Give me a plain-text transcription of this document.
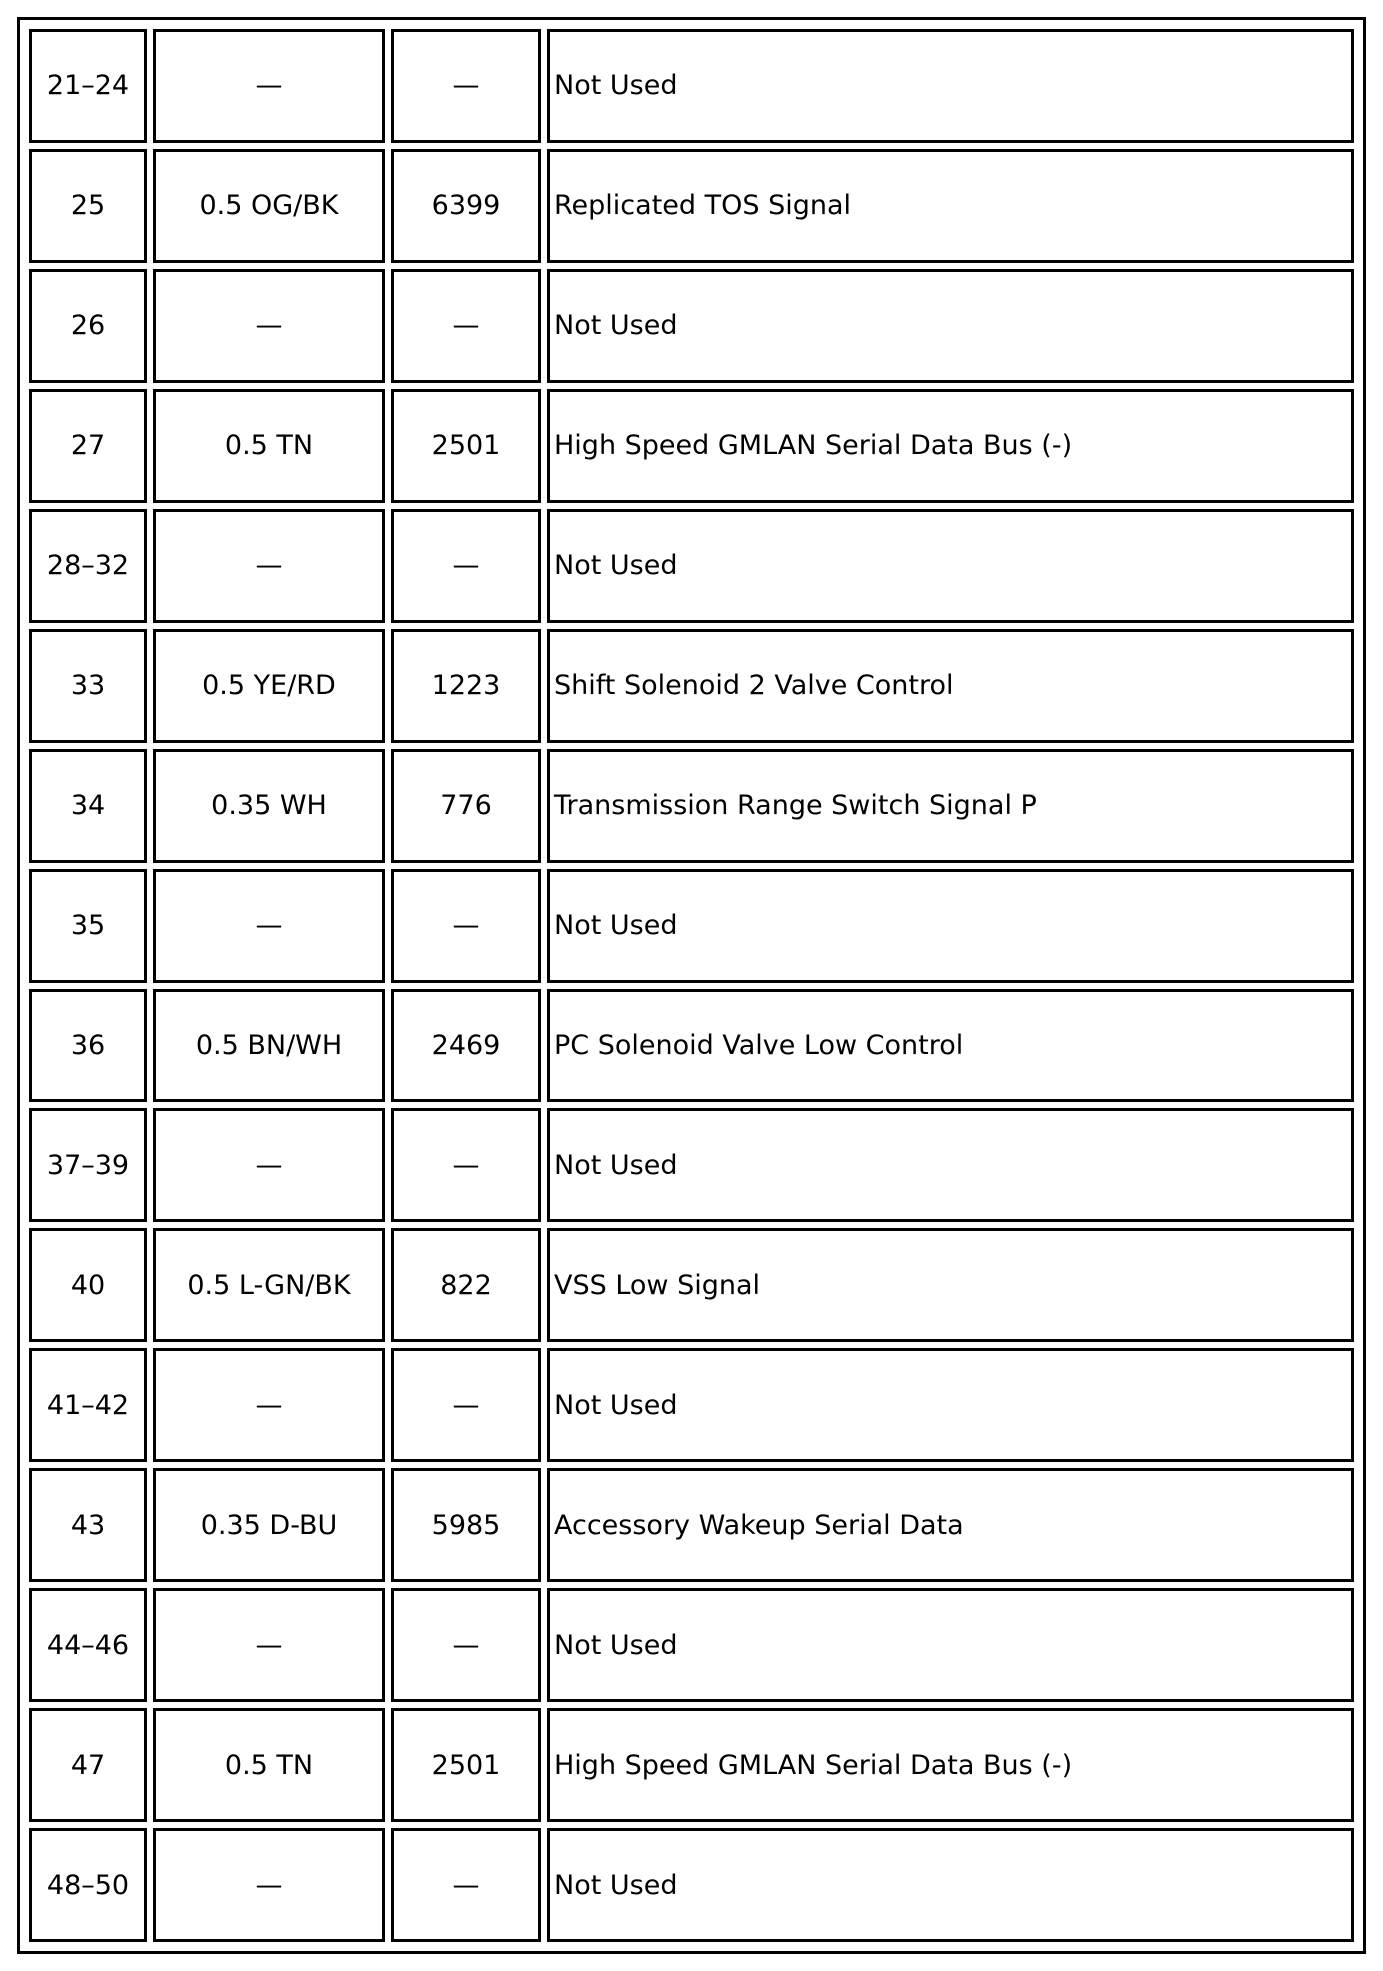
21–24	—	—	Not Used
25	0.5 OG/BK	6399	Replicated TOS Signal
26	—	—	Not Used
27	0.5 TN	2501	High Speed GMLAN Serial Data Bus (-)
28–32	—	—	Not Used
33	0.5 YE/RD	1223	Shift Solenoid 2 Valve Control
34	0.35 WH	776	Transmission Range Switch Signal P
35	—	—	Not Used
36	0.5 BN/WH	2469	PC Solenoid Valve Low Control
37–39	—	—	Not Used
40	0.5 L-GN/BK	822	VSS Low Signal
41–42	—	—	Not Used
43	0.35 D-BU	5985	Accessory Wakeup Serial Data
44–46	—	—	Not Used
47	0.5 TN	2501	High Speed GMLAN Serial Data Bus (-)
48–50	—	—	Not Used
